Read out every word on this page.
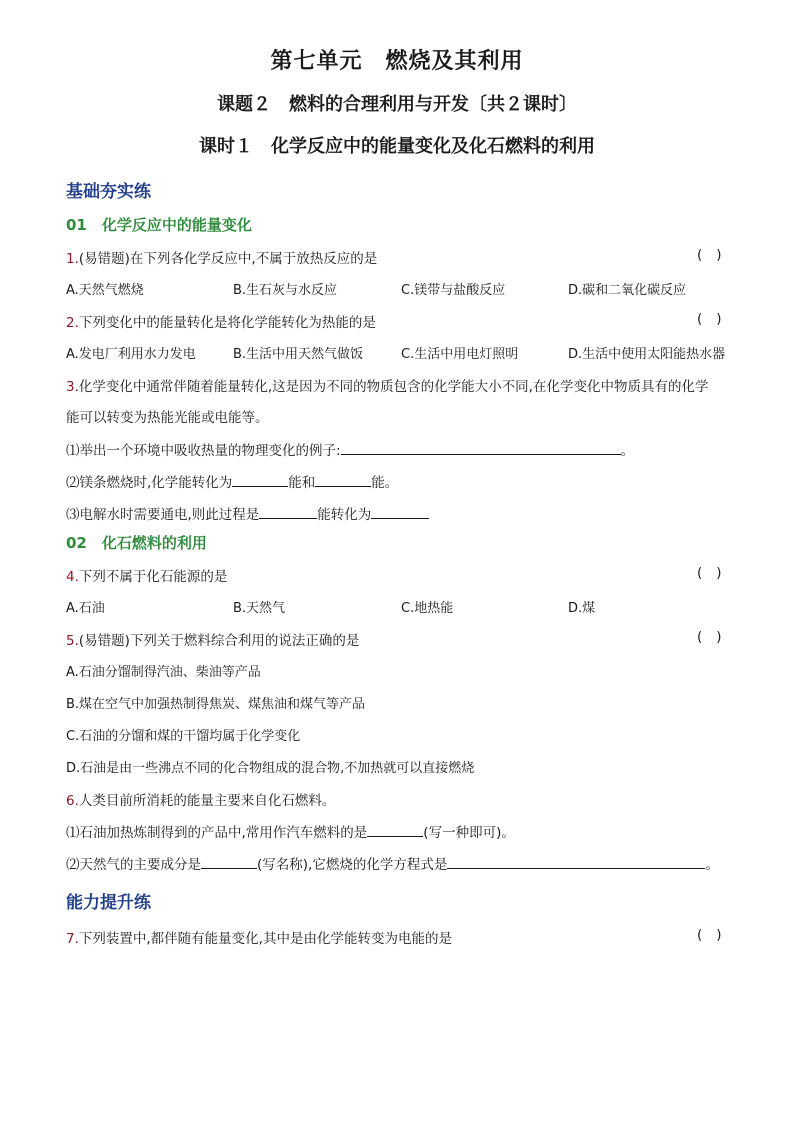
第七单元　燃烧及其利用
课题２　燃料的合理利用与开发〔共２课时〕
课时１　化学反应中的能量变化及化石燃料的利用
基础夯实练
01　化学反应中的能量变化
1.(易错题)在下列各化学反应中,不属于放热反应的是	()
A.天然气燃烧	B.生石灰与水反应	C.镁带与盐酸反应	D.碳和二氧化碳反应
2.下列变化中的能量转化是将化学能转化为热能的是	()
A.发电厂利用水力发电	B.生活中用天然气做饭	C.生活中用电灯照明	D.生活中使用太阳能热水器
3.化学变化中通常伴随着能量转化,这是因为不同的物质包含的化学能大小不同,在化学变化中物质具有的化学
能可以转变为热能光能或电能等。
⑴举出一个环境中吸收热量的物理变化的例子:	。
⑵镁条燃烧时,化学能转化为	能和	能。
⑶电解水时需要通电,则此过程是	能转化为
02　化石燃料的利用
4.下列不属于化石能源的是	()
A.石油	B.天然气	C.地热能	D.煤
5.(易错题)下列关于燃料综合利用的说法正确的是	()
A.石油分馏制得汽油、柴油等产品
B.煤在空气中加强热制得焦炭、煤焦油和煤气等产品
C.石油的分馏和煤的干馏均属于化学变化
D.石油是由一些沸点不同的化合物组成的混合物,不加热就可以直接燃烧
6.人类目前所消耗的能量主要来自化石燃料。
⑴石油加热炼制得到的产品中,常用作汽车燃料的是	(写一种即可)。
⑵天然气的主要成分是	(写名称),它燃烧的化学方程式是	。
能力提升练
7.下列装置中,都伴随有能量变化,其中是由化学能转变为电能的是	()
